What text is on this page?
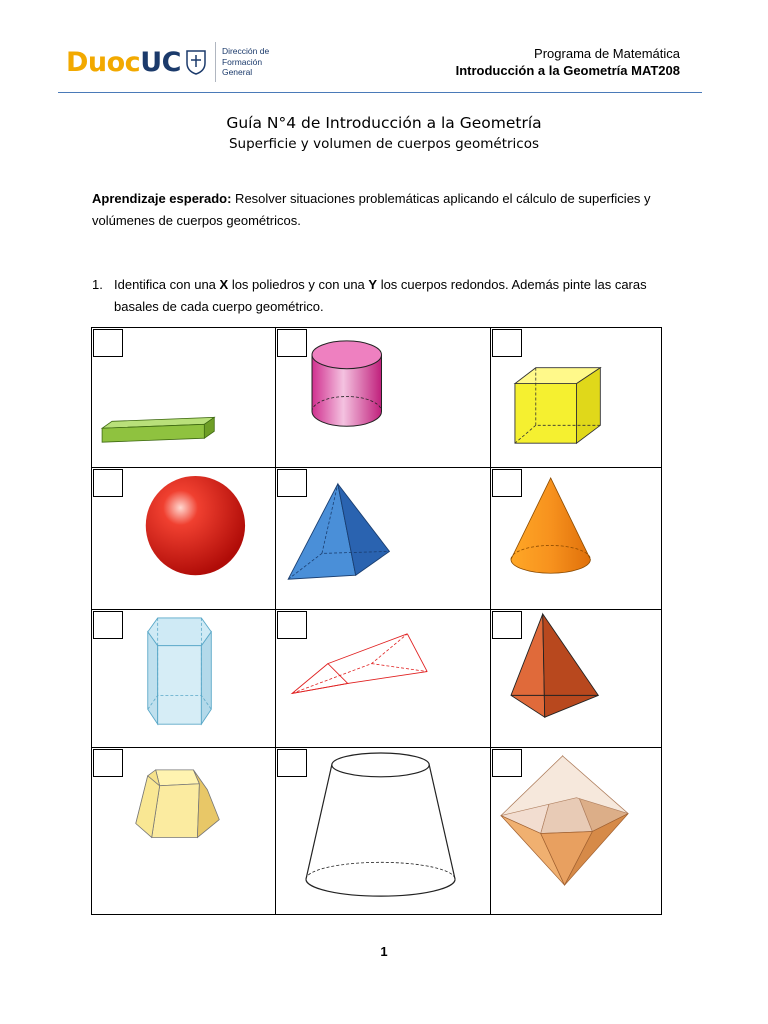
Duoc UC	Dirección de
Formación
General
Programa de Matemática
Introducción a la Geometría MAT208
Guía N°4 de Introducción a la Geometría
Superficie y volumen de cuerpos geométricos
Aprendizaje esperado: Resolver situaciones problemáticas aplicando el cálculo de superficies y volúmenes de cuerpos geométricos.
1. Identifica con una X los poliedros y con una Y los cuerpos redondos. Además pinte las caras basales de cada cuerpo geométrico.

1
